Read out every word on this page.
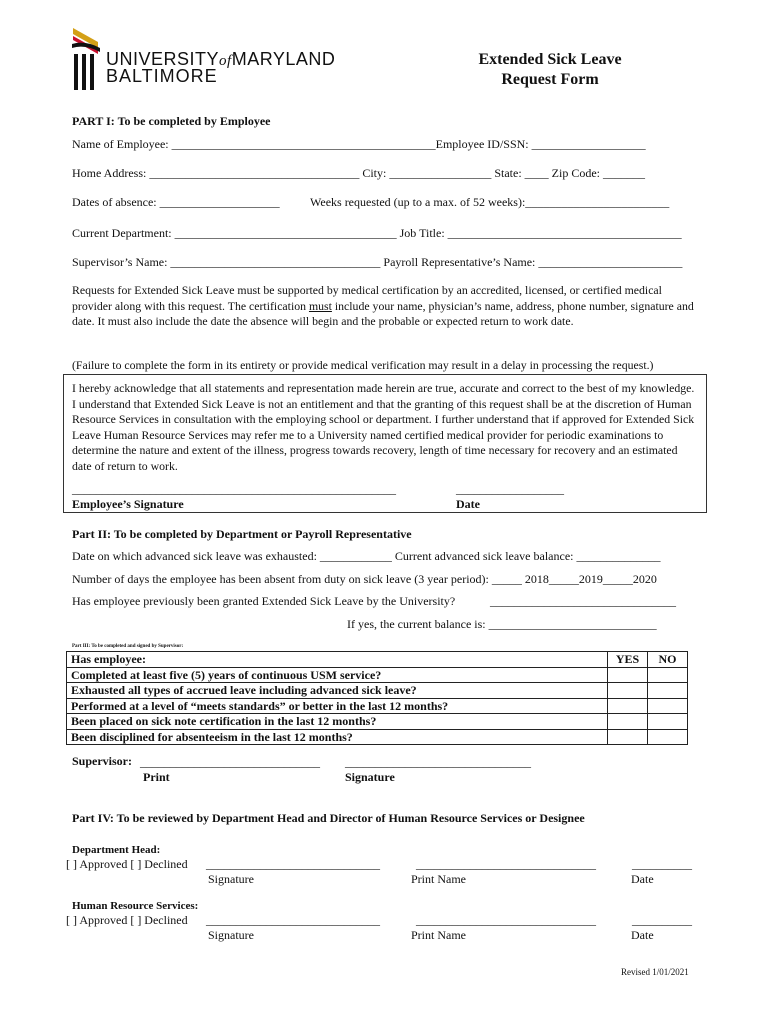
UNIVERSITYofMARYLAND
BALTIMORE
Extended Sick Leave
Request Form
PART I: To be completed by Employee
Name of Employee: ____________________________________________Employee ID/SSN: ___________________
Home Address: ___________________________________ City: _________________ State: ____ Zip Code: _______
Dates of absence: ____________________	Weeks requested (up to a max. of 52 weeks):________________________
Current Department: _____________________________________ Job Title: _______________________________________
Supervisor’s Name: ___________________________________ Payroll Representative’s Name: ________________________
Requests for Extended Sick Leave must be supported by medical certification by an accredited, licensed, or certified medical provider along with this request. The certification must include your name, physician’s name, address, phone number, signature and date. It must also include the date the absence will begin and the probable or expected return to work date.
(Failure to complete the form in its entirety or provide medical verification may result in a delay in processing the request.)
I hereby acknowledge that all statements and representation made herein are true, accurate and correct to the best of my knowledge. I understand that Extended Sick Leave is not an entitlement and that the granting of this request shall be at the discretion of Human Resource Services in consultation with the employing school or department. I further understand that if approved for Extended Sick Leave Human Resource Services may refer me to a University named certified medical provider for periodic examinations to determine the nature and extent of the illness, progress towards recovery, length of time necessary for recovery and an estimated date of return to work.
______________________________________________________	__________________
Employee’s Signature	Date
Part II: To be completed by Department or Payroll Representative
Date on which advanced sick leave was exhausted: ____________ Current advanced sick leave balance: ______________
Number of days the employee has been absent from duty on sick leave (3 year period): _____ 2018_____2019_____2020
Has employee previously been granted Extended Sick Leave by the University?	_______________________________
If yes, the current balance is: ____________________________
Part III: To be completed and signed by Supervisor:
Has employee:	YES	NO
Completed at least five (5) years of continuous USM service?		
Exhausted all types of accrued leave including advanced sick leave?		
Performed at a level of “meets standards” or better in the last 12 months?		
Been placed on sick note certification in the last 12 months?		
Been disciplined for absenteeism in the last 12 months?		
Supervisor: ______________________________ _______________________________
Print	Signature
Part IV: To be reviewed by Department Head and Director of Human Resource Services or Designee
Department Head:
[ ] Approved [ ] Declined _____________________________	______________________________	__________
Signature	Print Name	Date
Human Resource Services:
[ ] Approved [ ] Declined _____________________________	______________________________	__________
Signature	Print Name	Date
Revised 1/01/2021
